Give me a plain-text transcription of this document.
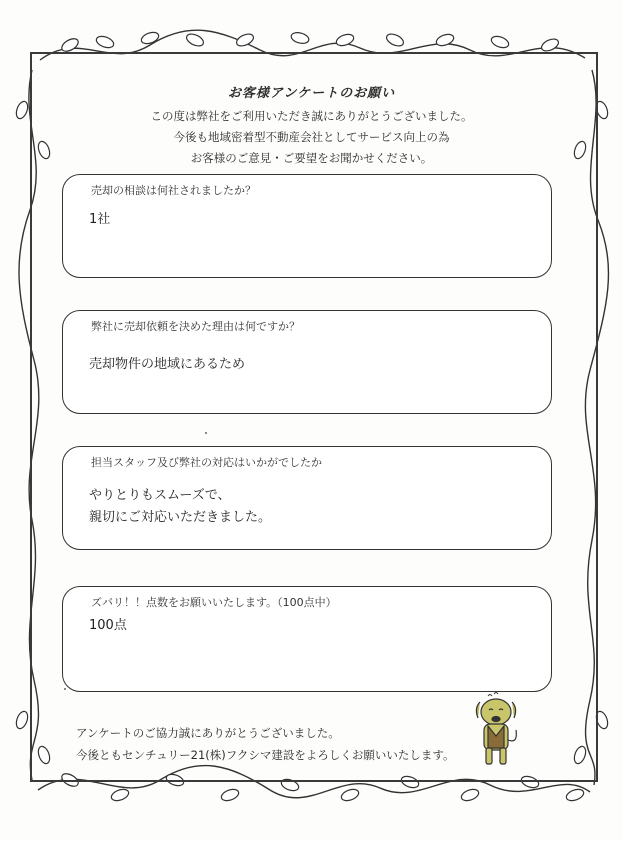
お客様アンケートのお願い
この度は弊社をご利用いただき誠にありがとうございました。
今後も地域密着型不動産会社としてサービス向上の為
お客様のご意見・ご要望をお聞かせください。
売却の相談は何社されましたか？
1社
弊社に売却依頼を決めた理由は何ですか？
売却物件の地域にあるため
担当スタッフ及び弊社の対応はいかがでしたか
やりとりもスムーズで、
親切にご対応いただきました。
ズバリ！！点数をお願いいたします。（100点中）
100点
アンケートのご協力誠にありがとうございました。
今後ともセンチュリー21(株)フクシマ建設をよろしくお願いいたします。
